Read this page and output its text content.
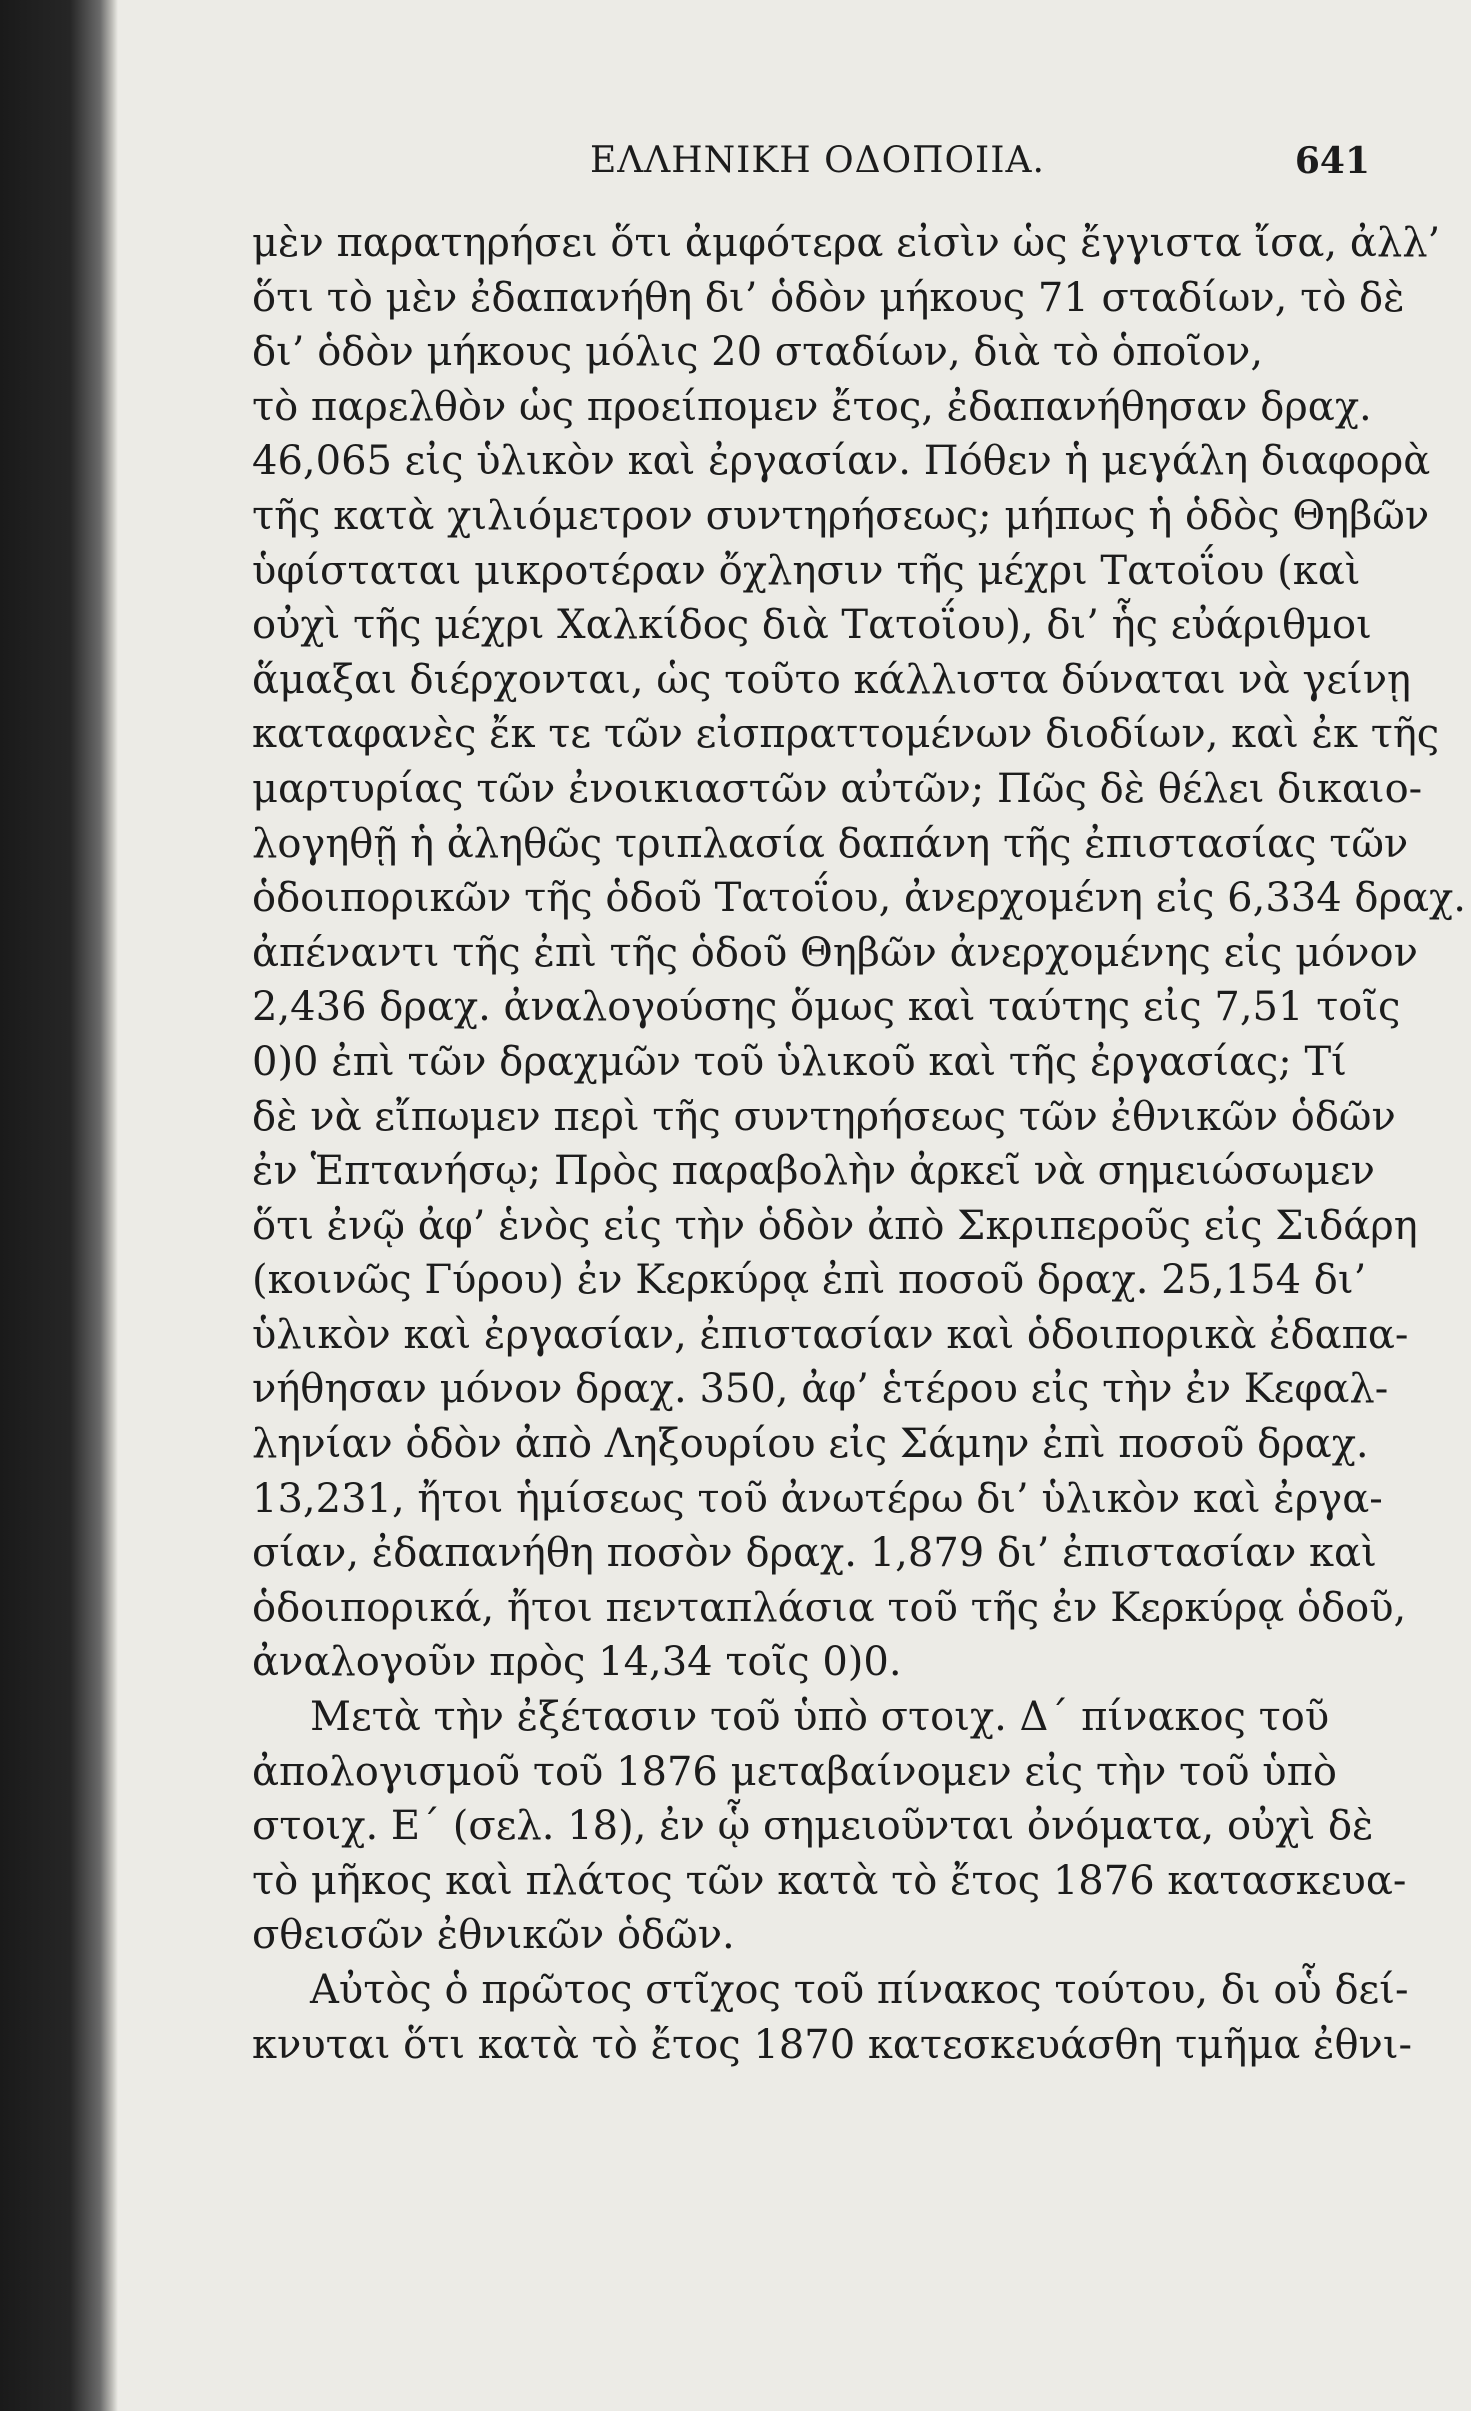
ΕΛΛΗΝΙΚΗ ΟΔΟΠΟΙΙΑ.	641
μὲν παρατηρήσει ὅτι ἀμφότερα εἰσὶν ὡς ἔγγιστα ἴσα, ἀλλ’
ὅτι τὸ μὲν ἐδαπανήθη δι’ ὁδὸν μήκους 71 σταδίων, τὸ δὲ
δι’ ὁδὸν μήκους μόλις 20 σταδίων, διὰ τὸ ὁποῖον,
τὸ παρελθὸν ὡς προείπομεν ἔτος, ἐδαπανήθησαν δραχ.
46,065 εἰς ὑλικὸν καὶ ἐργασίαν. Πόθεν ἡ μεγάλη διαφορὰ
τῆς κατὰ χιλιόμετρον συντηρήσεως; μήπως ἡ ὁδὸς Θηβῶν
ὑφίσταται μικροτέραν ὄχλησιν τῆς μέχρι Τατοΐου (καὶ
οὐχὶ τῆς μέχρι Χαλκίδος διὰ Τατοΐου), δι’ ἧς εὐάριθμοι
ἅμαξαι διέρχονται, ὡς τοῦτο κάλλιστα δύναται νὰ γείνῃ
καταφανὲς ἔκ τε τῶν εἰσπραττομένων διοδίων, καὶ ἐκ τῆς
μαρτυρίας τῶν ἐνοικιαστῶν αὐτῶν; Πῶς δὲ θέλει δικαιο-
λογηθῇ ἡ ἀληθῶς τριπλασία δαπάνη τῆς ἐπιστασίας τῶν
ὁδοιπορικῶν τῆς ὁδοῦ Τατοΐου, ἀνερχομένη εἰς 6,334 δραχ.
ἀπέναντι τῆς ἐπὶ τῆς ὁδοῦ Θηβῶν ἀνερχομένης εἰς μόνον
2,436 δραχ. ἀναλογούσης ὅμως καὶ ταύτης εἰς 7,51 τοῖς
0)0 ἐπὶ τῶν δραχμῶν τοῦ ὑλικοῦ καὶ τῆς ἐργασίας; Τί
δὲ νὰ εἴπωμεν περὶ τῆς συντηρήσεως τῶν ἐθνικῶν ὁδῶν
ἐν Ἑπτανήσῳ; Πρὸς παραβολὴν ἀρκεῖ νὰ σημειώσωμεν
ὅτι ἐνῷ ἀφ’ ἑνὸς εἰς τὴν ὁδὸν ἀπὸ Σκριπεροῦς εἰς Σιδάρη
(κοινῶς Γύρου) ἐν Κερκύρᾳ ἐπὶ ποσοῦ δραχ. 25,154 δι’
ὑλικὸν καὶ ἐργασίαν, ἐπιστασίαν καὶ ὁδοιπορικὰ ἐδαπα-
νήθησαν μόνον δραχ. 350, ἀφ’ ἑτέρου εἰς τὴν ἐν Κεφαλ-
ληνίαν ὁδὸν ἀπὸ Ληξουρίου εἰς Σάμην ἐπὶ ποσοῦ δραχ.
13,231, ἤτοι ἡμίσεως τοῦ ἀνωτέρω δι’ ὑλικὸν καὶ ἐργα-
σίαν, ἐδαπανήθη ποσὸν δραχ. 1,879 δι’ ἐπιστασίαν καὶ
ὁδοιπορικά, ἤτοι πενταπλάσια τοῦ τῆς ἐν Κερκύρᾳ ὁδοῦ,
ἀναλογοῦν πρὸς 14,34 τοῖς 0)0.
Μετὰ τὴν ἐξέτασιν τοῦ ὑπὸ στοιχ. Δ´ πίνακος τοῦ
ἀπολογισμοῦ τοῦ 1876 μεταβαίνομεν εἰς τὴν τοῦ ὑπὸ
στοιχ. Ε´ (σελ. 18), ἐν ᾧ σημειοῦνται ὀνόματα, οὐχὶ δὲ
τὸ μῆκος καὶ πλάτος τῶν κατὰ τὸ ἔτος 1876 κατασκευα-
σθεισῶν ἐθνικῶν ὁδῶν.
Αὐτὸς ὁ πρῶτος στῖχος τοῦ πίνακος τούτου, δι οὗ δεί-
κνυται ὅτι κατὰ τὸ ἔτος 1870 κατεσκευάσθη τμῆμα ἐθνι-
